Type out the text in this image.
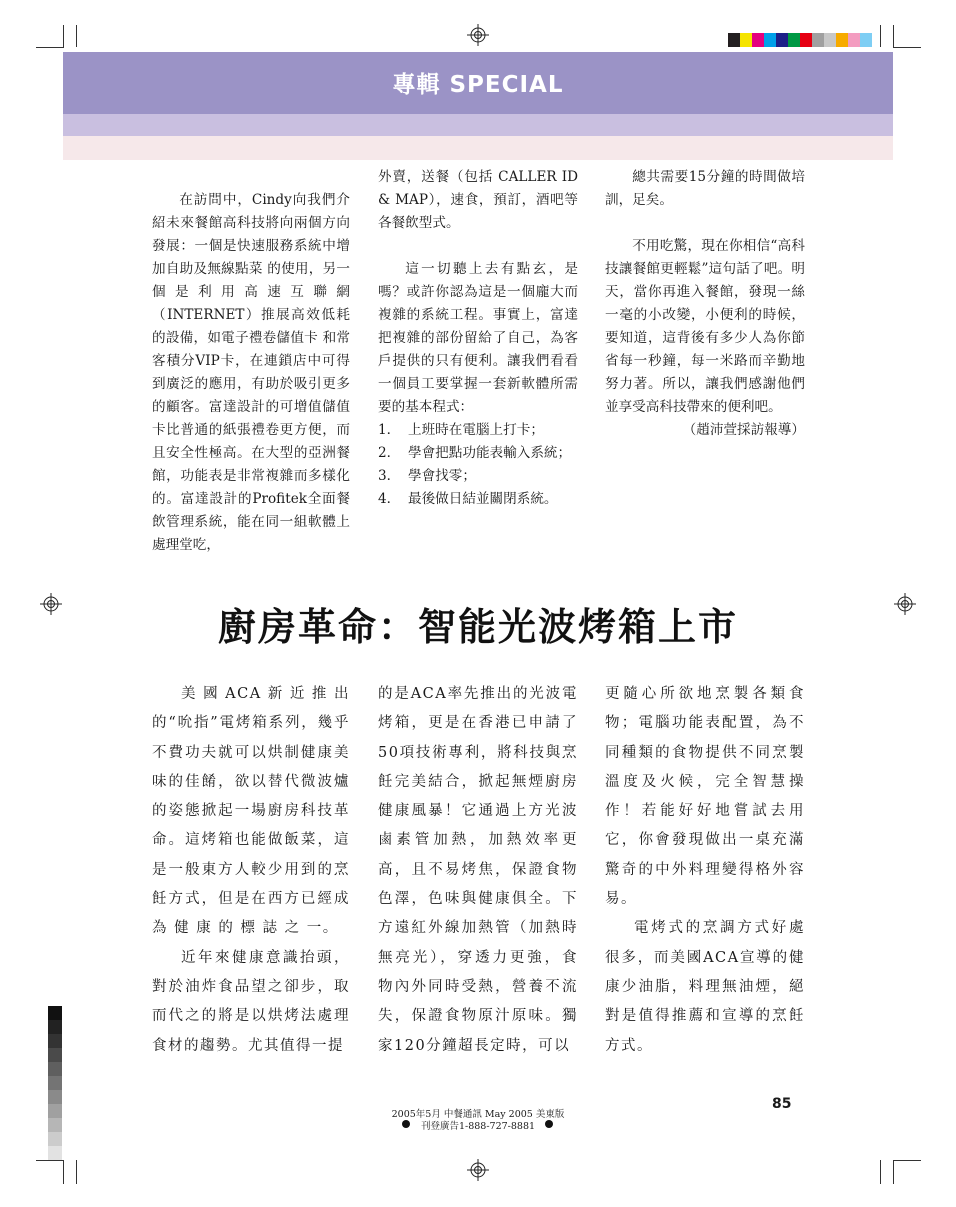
專輯 SPECIAL

在訪問中，Cindy向我們介紹未來餐館高科技將向兩個方向發展：一個是快速服務系統中增加自助及無線點菜 的使用，另一個是利用高速互聯網（INTERNET）推展高效低耗的設備，如電子禮卷儲值卡 和常客積分VIP卡，在連鎖店中可得到廣泛的應用，有助於吸引更多的顧客。富達設計的可增值儲值卡比普通的紙張禮卷更方便，而且安全性極高。在大型的亞洲餐館，功能表是非常複雜而多樣化的。富達設計的Profitek全面餐飲管理系統，能在同一組軟體上處理堂吃，

外賣，送餐（包括 CALLER ID & MAP），速食，預訂，酒吧等各餐飲型式。

這一切聽上去有點玄，是嗎？或許你認為這是一個龐大而複雜的系統工程。事實上，富達把複雜的部份留給了自己，為客戶提供的只有便利。讓我們看看一個員工要掌握一套新軟體所需要的基本程式：

1． 上班時在電腦上打卡；
2． 學會把點功能表輸入系統；
3． 學會找零；
4． 最後做日結並關閉系統。

總共需要15分鐘的時間做培訓，足矣。

不用吃驚，現在你相信“高科技讓餐館更輕鬆”這句話了吧。明天，當你再進入餐館，發現一絲一毫的小改變，小便利的時候，要知道，這背後有多少人為你節省每一秒鐘，每一米路而辛勤地努力著。所以，讓我們感謝他們並享受高科技帶來的便利吧。

（趙沛萱採訪報導）

廚房革命：智能光波烤箱上市

美國ACA新近推出的“吮指”電烤箱系列，幾乎不費功夫就可以烘制健康美味的佳餚，欲以替代微波爐的姿態掀起一場廚房科技革命。這烤箱也能做飯菜，這是一般東方人較少用到的烹飪方式，但是在西方已經成為 健 康 的 標 誌 之 一。

近年來健康意識抬頭，對於油炸食品望之卻步，取而代之的將是以烘烤法處理食材的趨勢。尤其值得一提

的是ACA率先推出的光波電烤箱，更是在香港已申請了50項技術專利，將科技與烹飪完美結合，掀起無煙廚房健康風暴！它通過上方光波鹵素管加熱，加熱效率更高，且不易烤焦，保證食物色澤，色味與健康俱全。下方遠紅外線加熱管（加熱時無亮光），穿透力更強，食物內外同時受熱，營養不流失，保證食物原汁原味。獨家120分鐘超長定時，可以

更隨心所欲地烹製各類食物；電腦功能表配置，為不同種類的食物提供不同烹製溫度及火候，完全智慧操作！若能好好地嘗試去用它，你會發現做出一桌充滿驚奇的中外料理變得格外容易。

電烤式的烹調方式好處很多，而美國ACA宣導的健康少油脂，料理無油煙，絕對是值得推薦和宣導的烹飪方式。

85
2005年5月 中餐通訊 May 2005 美東版
刊登廣告1-888-727-8881
